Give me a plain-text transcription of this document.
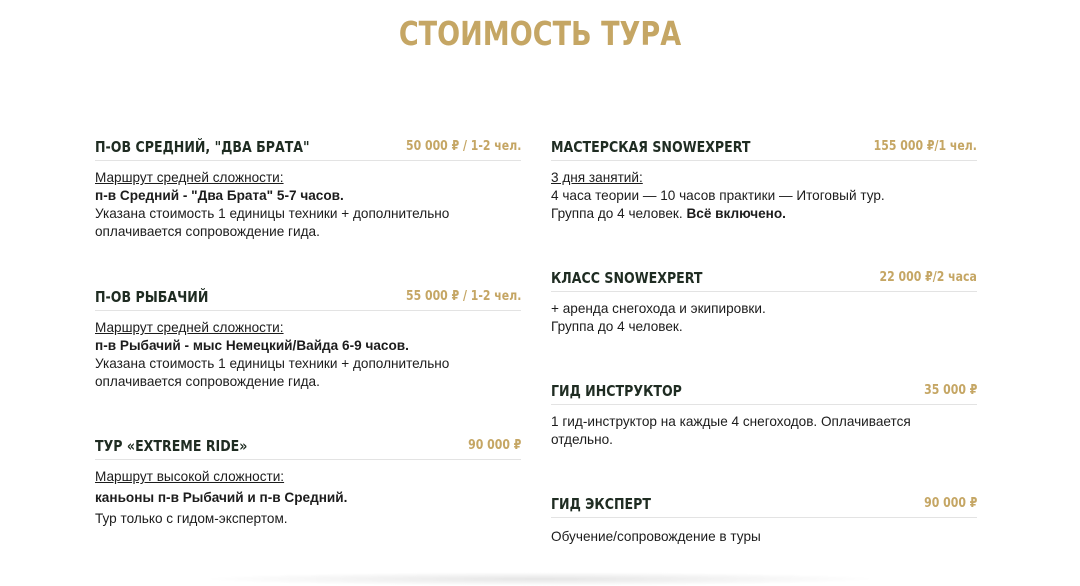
СТОИМОСТЬ ТУРА
П-ОВ СРЕДНИЙ, "ДВА БРАТА"	50 000 ₽ / 1-2 чел.

Маршрут средней сложности:

п-в Средний - "Два Брата" 5-7 часов.

Указана стоимость 1 единицы техники + дополнительно

оплачивается сопровождение гида.

П-ОВ РЫБАЧИЙ	55 000 ₽ / 1-2 чел.

Маршрут средней сложности:

п-в Рыбачий - мыс Немецкий/Вайда 6-9 часов.

Указана стоимость 1 единицы техники + дополнительно

оплачивается сопровождение гида.

ТУР «EXTREME RIDE»	90 000 ₽

Маршрут высокой сложности:

каньоны п-в Рыбачий и п-в Средний.

Тур только с гидом-экспертом.

МАСТЕРСКАЯ SNOWEXPERT	155 000 ₽/1 чел.

3 дня занятий:

4 часа теории — 10 часов практики — Итоговый тур.

Группа до 4 человек. Всё включено.

КЛАСС SNOWEXPERT	22 000 ₽/2 часа

+ аренда снегохода и экипировки.

Группа до 4 человек.

ГИД ИНСТРУКТОР	35 000 ₽

1 гид-инструктор на каждые 4 снегоходов. Оплачивается

отдельно.

ГИД ЭКСПЕРТ	90 000 ₽

Обучение/сопровождение в туры
